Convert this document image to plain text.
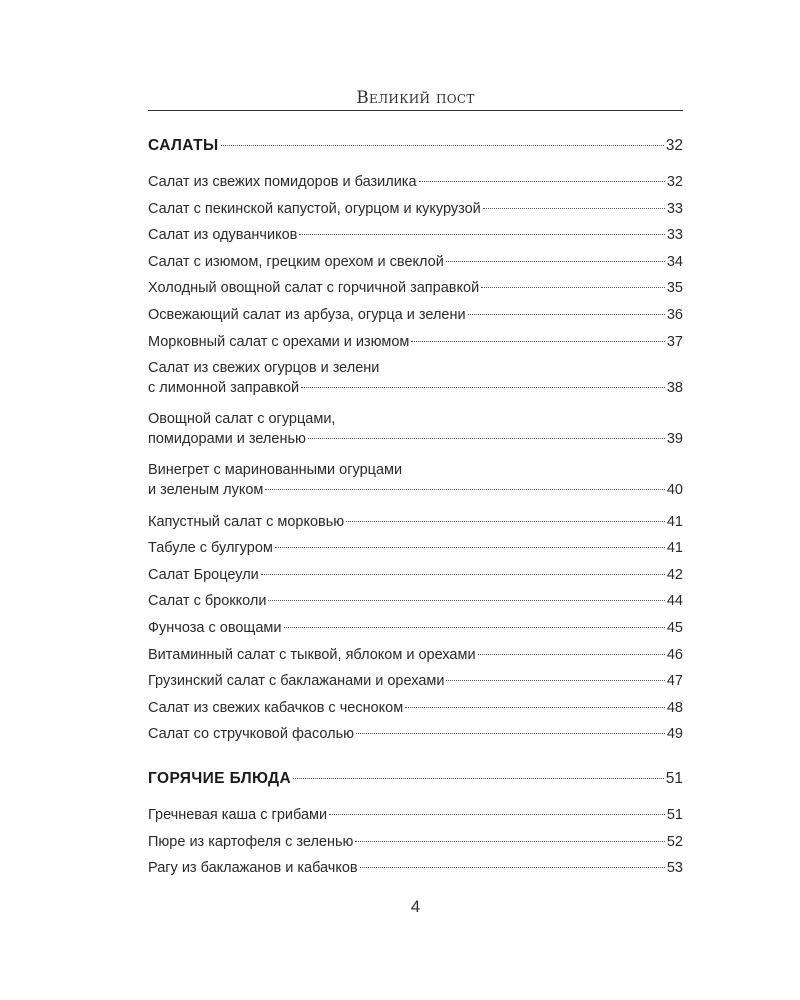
Великий пост
САЛАТЫ	32
Салат из свежих помидоров и базилика	32
Салат с пекинской капустой, огурцом и кукурузой	33
Салат из одуванчиков	33
Салат с изюмом, грецким орехом и свеклой	34
Холодный овощной салат с горчичной заправкой	35
Освежающий салат из арбуза, огурца и зелени	36
Морковный салат с орехами и изюмом	37
Салат из свежих огурцов и зелени
с лимонной заправкой	38
Овощной салат с огурцами,
помидорами и зеленью	39
Винегрет с маринованными огурцами
и зеленым луком	40
Капустный салат с морковью	41
Табуле с булгуром	41
Салат Броцеули	42
Салат с брокколи	44
Фунчоза с овощами	45
Витаминный салат с тыквой, яблоком и орехами	46
Грузинский салат с баклажанами и орехами	47
Салат из свежих кабачков с чесноком	48
Салат со стручковой фасолью	49
ГОРЯЧИЕ БЛЮДА	51
Гречневая каша с грибами	51
Пюре из картофеля с зеленью	52
Рагу из баклажанов и кабачков	53
4
